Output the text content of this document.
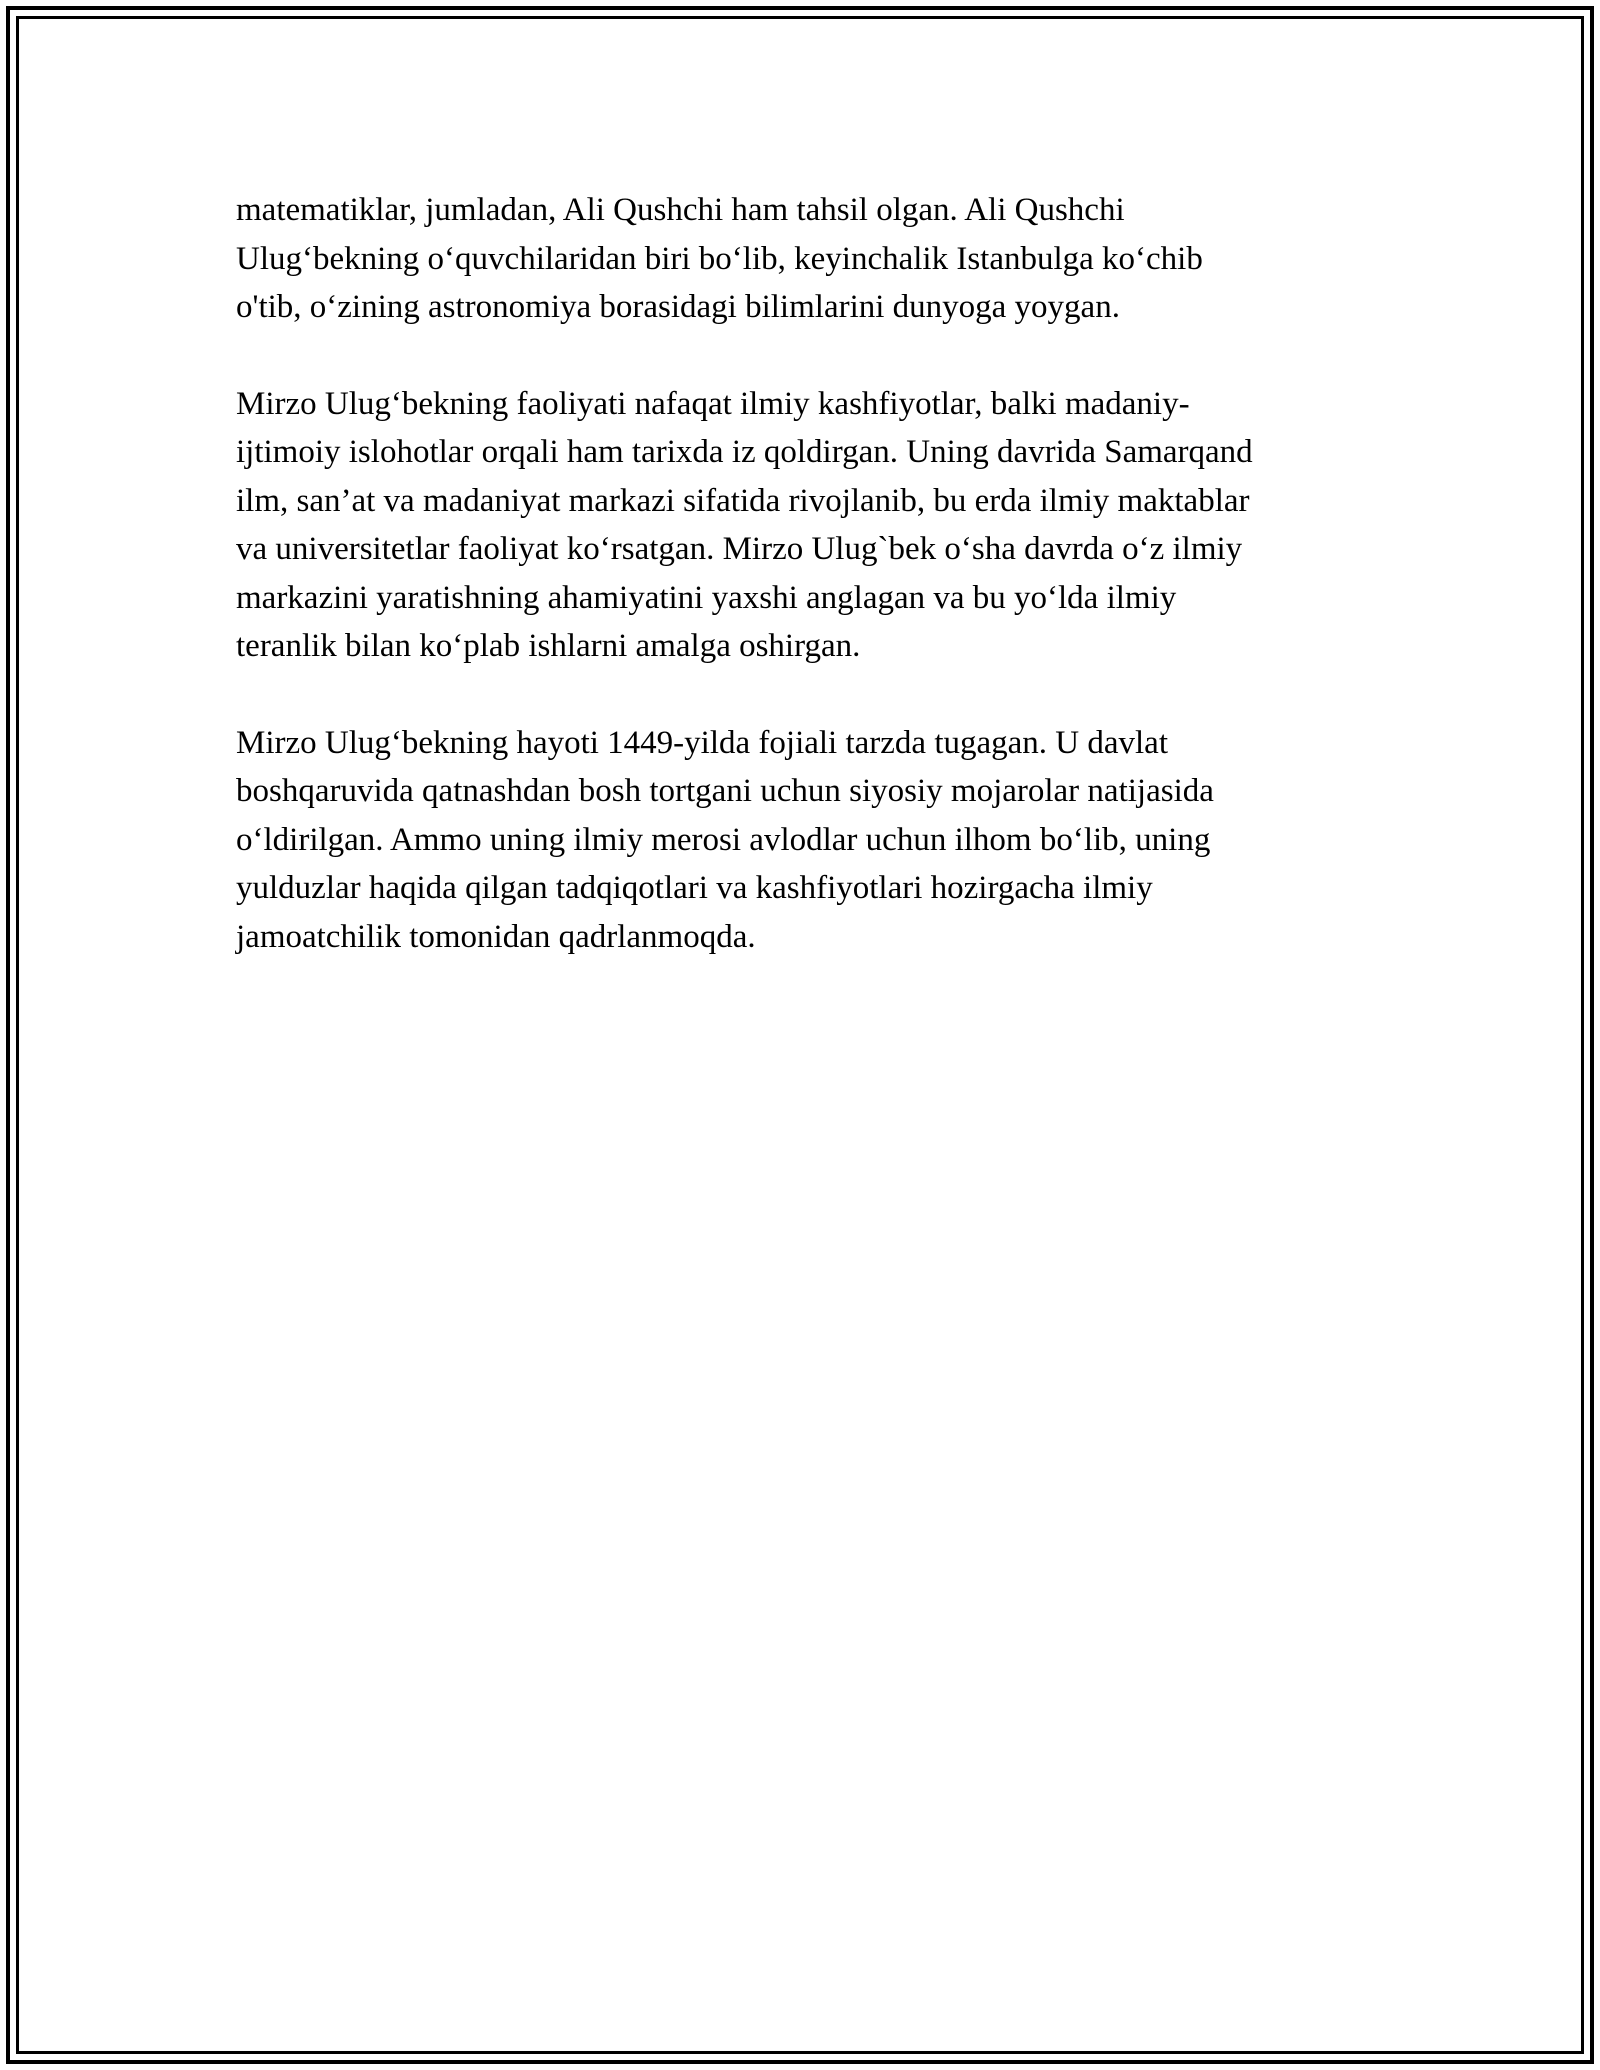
matematiklar, jumladan, Ali Qushchi ham tahsil olgan. Ali Qushchi
Ulug‘bekning o‘quvchilaridan biri bo‘lib, keyinchalik Istanbulga ko‘chib
o'tib, o‘zining astronomiya borasidagi bilimlarini dunyoga yoygan.

Mirzo Ulug‘bekning faoliyati nafaqat ilmiy kashfiyotlar, balki madaniy-
ijtimoiy islohotlar orqali ham tarixda iz qoldirgan. Uning davrida Samarqand
ilm, san’at va madaniyat markazi sifatida rivojlanib, bu erda ilmiy maktablar
va universitetlar faoliyat ko‘rsatgan. Mirzo Ulug`bek o‘sha davrda o‘z ilmiy
markazini yaratishning ahamiyatini yaxshi anglagan va bu yo‘lda ilmiy
teranlik bilan ko‘plab ishlarni amalga oshirgan.

Mirzo Ulug‘bekning hayoti 1449-yilda fojiali tarzda tugagan. U davlat
boshqaruvida qatnashdan bosh tortgani uchun siyosiy mojarolar natijasida
o‘ldirilgan. Ammo uning ilmiy merosi avlodlar uchun ilhom bo‘lib, uning
yulduzlar haqida qilgan tadqiqotlari va kashfiyotlari hozirgacha ilmiy
jamoatchilik tomonidan qadrlanmoqda.
